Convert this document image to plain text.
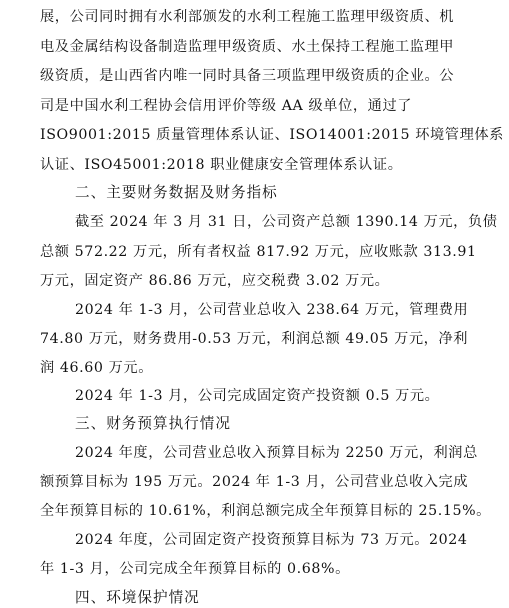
展，公司同时拥有水利部颁发的水利工程施工监理甲级资质、机
电及金属结构设备制造监理甲级资质、水土保持工程施工监理甲
级资质，是山西省内唯一同时具备三项监理甲级资质的企业。公
司是中国水利工程协会信用评价等级 AA 级单位，通过了
ISO9001:2015 质量管理体系认证、ISO14001:2015 环境管理体系
认证、ISO45001:2018 职业健康安全管理体系认证。
二、主要财务数据及财务指标
截至 2024 年 3 月 31 日，公司资产总额 1390.14 万元，负债
总额 572.22 万元，所有者权益 817.92 万元，应收账款 313.91
万元，固定资产 86.86 万元，应交税费 3.02 万元。
2024 年 1-3 月，公司营业总收入 238.64 万元，管理费用
74.80 万元，财务费用-0.53 万元，利润总额 49.05 万元，净利
润 46.60 万元。
2024 年 1-3 月，公司完成固定资产投资额 0.5 万元。
三、财务预算执行情况
2024 年度，公司营业总收入预算目标为 2250 万元，利润总
额预算目标为 195 万元。2024 年 1-3 月，公司营业总收入完成
全年预算目标的 10.61%，利润总额完成全年预算目标的 25.15%。
2024 年度，公司固定资产投资预算目标为 73 万元。2024
年 1-3 月，公司完成全年预算目标的 0.68%。
四、环境保护情况
